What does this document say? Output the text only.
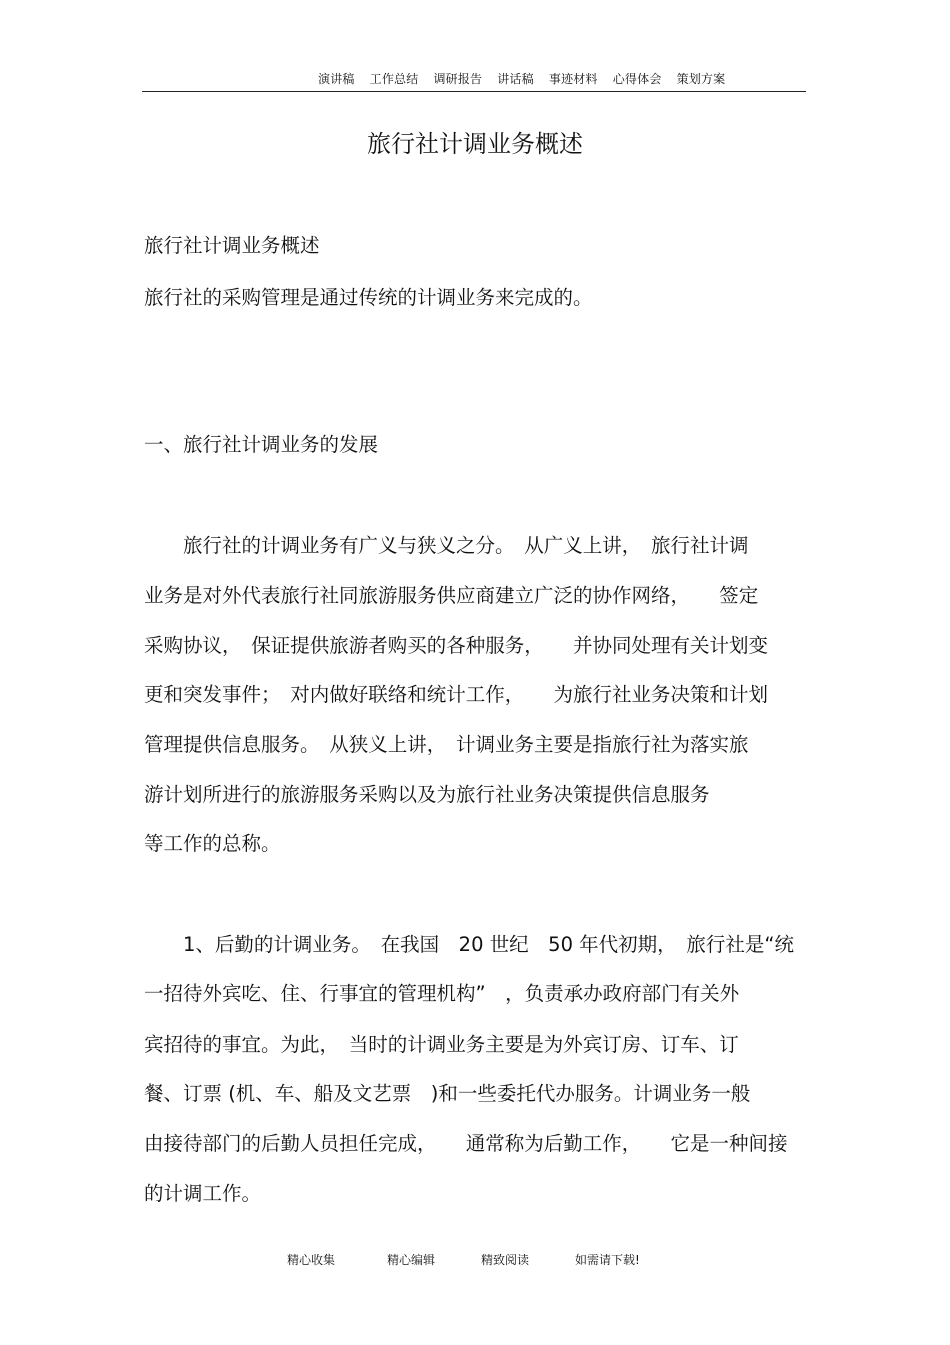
演讲稿 工作总结 调研报告 讲话稿 事迹材料 心得体会 策划方案
旅行社计调业务概述
旅行社计调业务概述
旅行社的采购管理是通过传统的计调业务来完成的。
一、旅行社计调业务的发展
　　旅行社的计调业务有广义与狭义之分。　从广义上讲，　旅行社计调
业务是对外代表旅行社同旅游服务供应商建立广泛的协作网络，　　签定
采购协议，　保证提供旅游者购买的各种服务，　　并协同处理有关计划变
更和突发事件；　对内做好联络和统计工作，　　为旅行社业务决策和计划
管理提供信息服务。　从狭义上讲，　计调业务主要是指旅行社为落实旅
游计划所进行的旅游服务采购以及为旅行社业务决策提供信息服务
等工作的总称。
　　1、后勤的计调业务。　在我国　20 世纪　50 年代初期，　旅行社是“统
一招待外宾吃、住、行事宜的管理机构”　，负责承办政府部门有关外
宾招待的事宜。为此，　当时的计调业务主要是为外宾订房、订车、订
餐、订票 (机、车、船及文艺票　)和一些委托代办服务。计调业务一般
由接待部门的后勤人员担任完成，　　通常称为后勤工作，　　它是一种间接
的计调工作。
精心收集	精心编辑	精致阅读	如需请下载!
